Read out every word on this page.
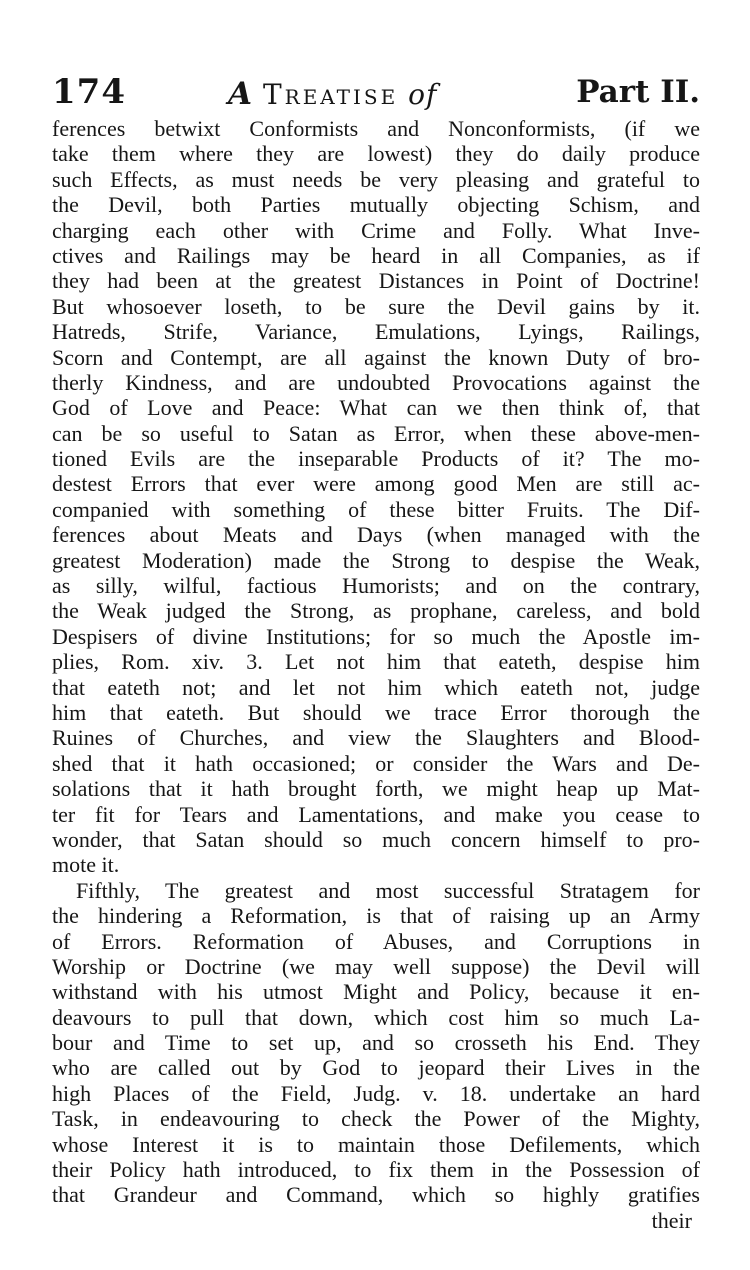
174	A Treatise of	Part II.
ferences betwixt Conformists and Nonconformists, (if we
take them where they are lowest) they do daily produce
such Effects, as must needs be very pleasing and grateful to
the Devil, both Parties mutually objecting Schism, and
charging each other with Crime and Folly. What Inve-
ctives and Railings may be heard in all Companies, as if
they had been at the greatest Distances in Point of Doctrine!
But whosoever loseth, to be sure the Devil gains by it.
Hatreds, Strife, Variance, Emulations, Lyings, Railings,
Scorn and Contempt, are all against the known Duty of bro-
therly Kindness, and are undoubted Provocations against the
God of Love and Peace: What can we then think of, that
can be so useful to Satan as Error, when these above-men-
tioned Evils are the inseparable Products of it? The mo-
destest Errors that ever were among good Men are still ac-
companied with something of these bitter Fruits. The Dif-
ferences about Meats and Days (when managed with the
greatest Moderation) made the Strong to despise the Weak,
as silly, wilful, factious Humorists; and on the contrary,
the Weak judged the Strong, as prophane, careless, and bold
Despisers of divine Institutions; for so much the Apostle im-
plies, Rom. xiv. 3. Let not him that eateth, despise him
that eateth not; and let not him which eateth not, judge
him that eateth. But should we trace Error thorough the
Ruines of Churches, and view the Slaughters and Blood-
shed that it hath occasioned; or consider the Wars and De-
solations that it hath brought forth, we might heap up Mat-
ter fit for Tears and Lamentations, and make you cease to
wonder, that Satan should so much concern himself to pro-
mote it.
Fifthly, The greatest and most successful Stratagem for
the hindering a Reformation, is that of raising up an Army
of Errors. Reformation of Abuses, and Corruptions in
Worship or Doctrine (we may well suppose) the Devil will
withstand with his utmost Might and Policy, because it en-
deavours to pull that down, which cost him so much La-
bour and Time to set up, and so crosseth his End. They
who are called out by God to jeopard their Lives in the
high Places of the Field, Judg. v. 18. undertake an hard
Task, in endeavouring to check the Power of the Mighty,
whose Interest it is to maintain those Defilements, which
their Policy hath introduced, to fix them in the Possession of
that Grandeur and Command, which so highly gratifies
their
